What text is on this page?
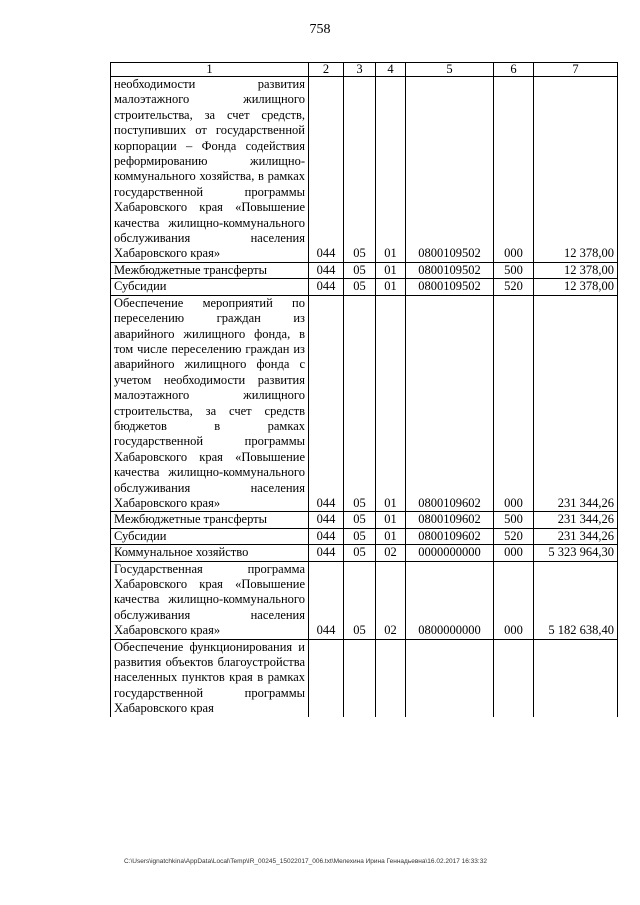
758
1	2	3	4	5	6	7
необходимости развития малоэтажного жилищного строительства, за счет средств, поступивших от государственной корпорации – Фонда содействия реформированию жилищно-коммунального хозяйства, в рамках государственной программы Хабаровского края «Повышение качества жилищно-коммунального обслуживания населения Хабаровского края»	044	05	01	0800109502	000	12 378,00
Межбюджетные трансферты	044	05	01	0800109502	500	12 378,00
Субсидии	044	05	01	0800109502	520	12 378,00
Обеспечение мероприятий по переселению граждан из аварийного жилищного фонда, в том числе переселению граждан из аварийного жилищного фонда с учетом необходимости развития малоэтажного жилищного строительства, за счет средств бюджетов в рамках государственной программы Хабаровского края «Повышение качества жилищно-коммунального обслуживания населения Хабаровского края»	044	05	01	0800109602	000	231 344,26
Межбюджетные трансферты	044	05	01	0800109602	500	231 344,26
Субсидии	044	05	01	0800109602	520	231 344,26
Коммунальное хозяйство	044	05	02	0000000000	000	5 323 964,30
Государственная программа Хабаровского края «Повышение качества жилищно-коммунального обслуживания населения Хабаровского края»	044	05	02	0800000000	000	5 182 638,40
Обеспечение функционирования и развития объектов благоустройства населенных пунктов края в рамках государственной программы Хабаровского края						
C:\Users\ignatchkina\AppData\Local\Temp\IR_00245_15022017_006.txt\Мелехина Ирина Геннадьевна\16.02.2017 16:33:32
